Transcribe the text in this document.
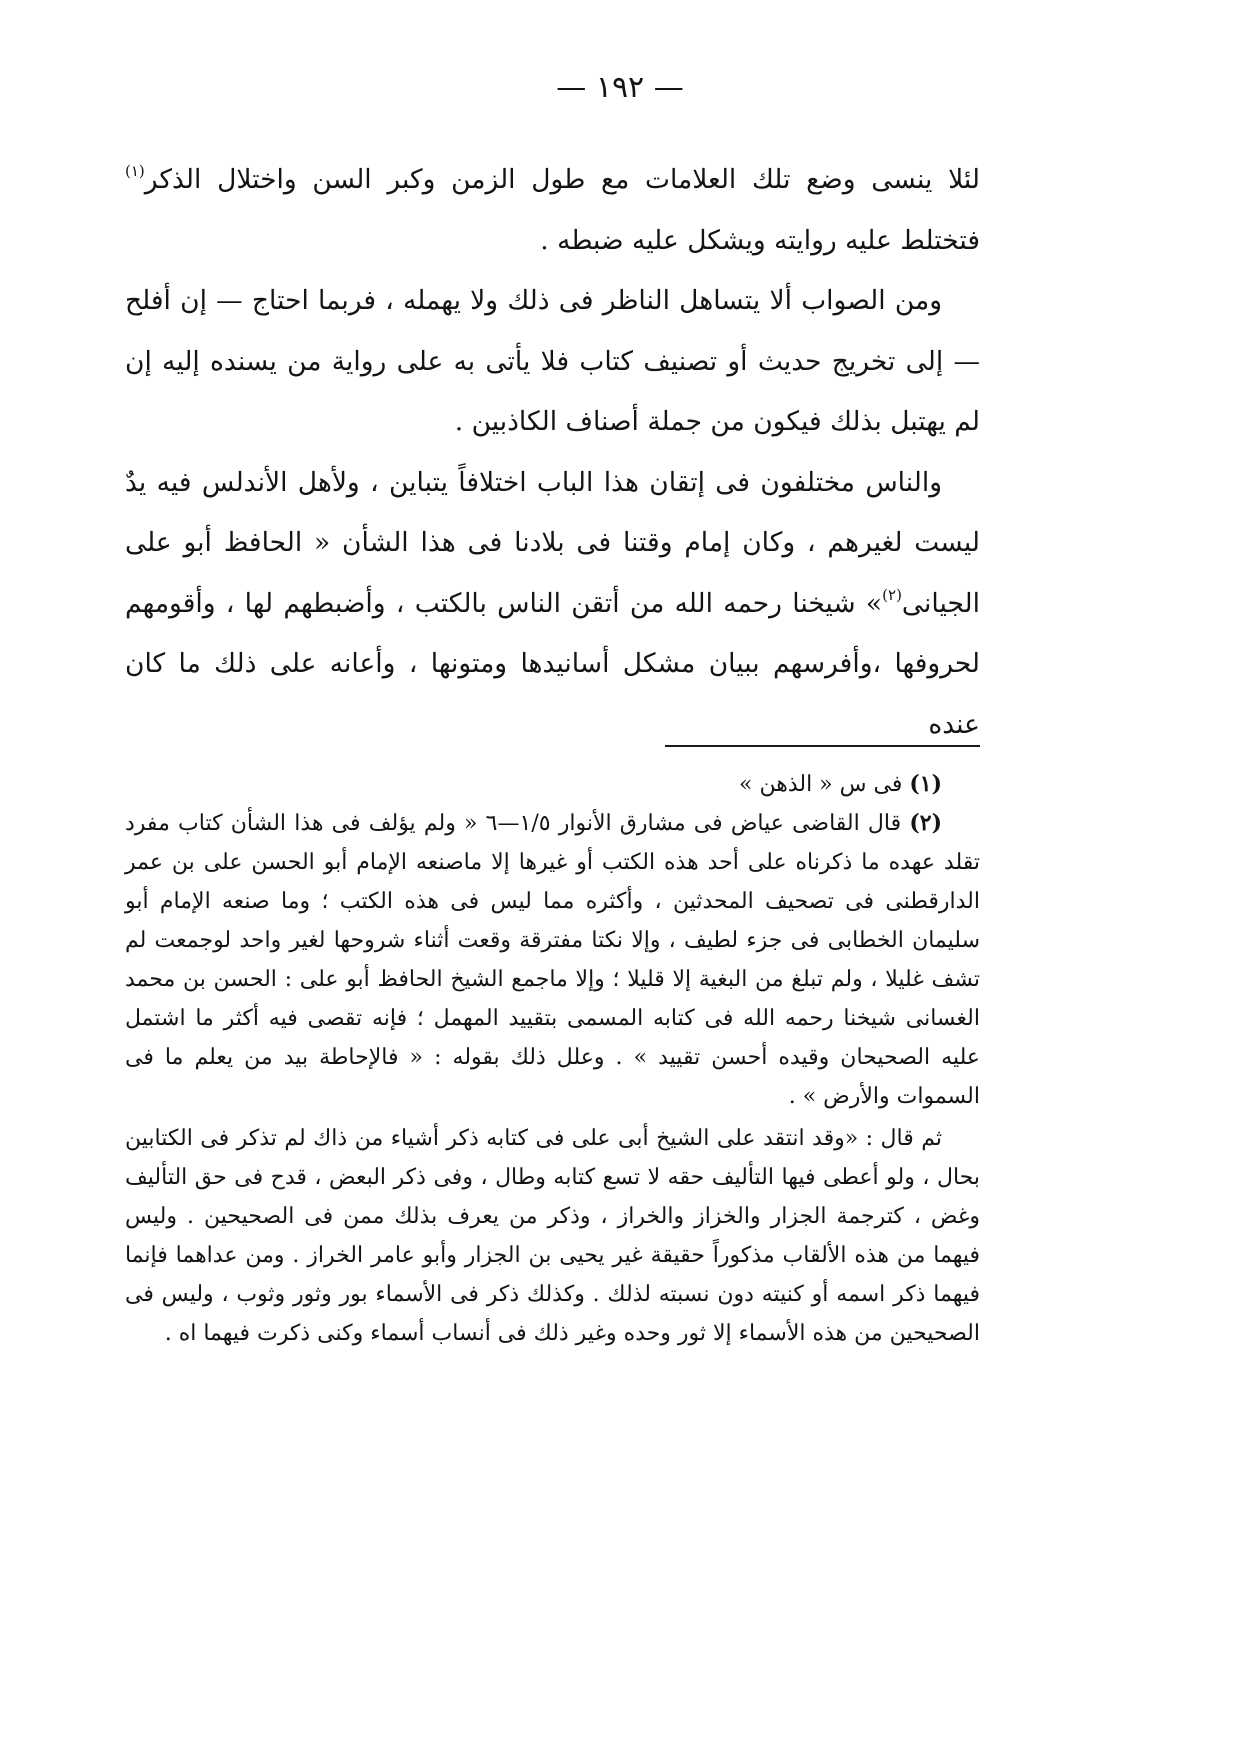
— ١٩٢ —

لئلا ينسى وضع تلك العلامات مع طول الزمن وكبر السن واختلال الذكر$^{(١)}$ فتختلط عليه روايته ويشكل عليه ضبطه .

ومن الصواب ألا يتساهل الناظر فى ذلك ولا يهمله ، فربما احتاج — إن أفلح — إلى تخريج حديث أو تصنيف كتاب فلا يأتى به على رواية من يسنده إليه إن لم يهتبل بذلك فيكون من جملة أصناف الكاذبين .

والناس مختلفون فى إتقان هذا الباب اختلافاً يتباين ، ولأهل الأندلس فيه يدٌ ليست لغيرهم ، وكان إمام وقتنا فى بلادنا فى هذا الشأن « الحافظ أبو على الجيانى$^{(٢)}$» شيخنا رحمه الله من أتقن الناس بالكتب ، وأضبطهم لها ، وأقومهم لحروفها ،وأفرسهم ببيان مشكل أسانيدها ومتونها ، وأعانه على ذلك ما كان عنده

(١) فى س « الذهن »

(٢) قال القاضى عياض فى مشارق الأنوار ١/٥—٦ « ولم يؤلف فى هذا الشأن كتاب مفرد تقلد عهده ما ذكرناه على أحد هذه الكتب أو غيرها إلا ماصنعه الإمام أبو الحسن على بن عمر الدارقطنى فى تصحيف المحدثين ، وأكثره مما ليس فى هذه الكتب ؛ وما صنعه الإمام أبو سليمان الخطابى فى جزء لطيف ، وإلا نكتا مفترقة وقعت أثناء شروحها لغير واحد لوجمعت لم تشف غليلا ، ولم تبلغ من البغية إلا قليلا ؛ وإلا ماجمع الشيخ الحافظ أبو على : الحسن بن محمد الغسانى شيخنا رحمه الله فى كتابه المسمى بتقييد المهمل ؛ فإنه تقصى فيه أكثر ما اشتمل عليه الصحيحان وقيده أحسن تقييد » . وعلل ذلك بقوله : « فالإحاطة بيد من يعلم ما فى السموات والأرض » .

ثم قال : «وقد انتقد على الشيخ أبى على فى كتابه ذكر أشياء من ذاك لم تذكر فى الكتابين بحال ، ولو أعطى فيها التأليف حقه لا تسع كتابه وطال ، وفى ذكر البعض ، قدح فى حق التأليف وغض ، كترجمة الجزار والخزاز والخراز ، وذكر من يعرف بذلك ممن فى الصحيحين . وليس فيهما من هذه الألقاب مذكوراً حقيقة غير يحيى بن الجزار وأبو عامر الخراز . ومن عداهما فإنما فيهما ذكر اسمه أو كنيته دون نسبته لذلك . وكذلك ذكر فى الأسماء بور وثور وثوب ، وليس فى الصحيحين من هذه الأسماء إلا ثور وحده وغير ذلك فى أنساب أسماء وكنى ذكرت فيهما اه .
